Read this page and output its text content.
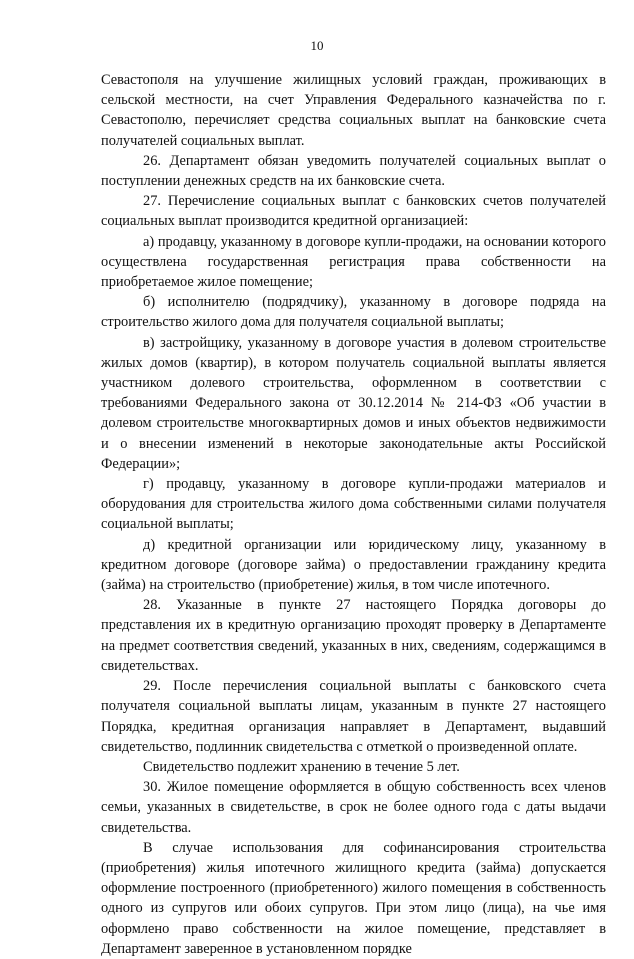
10

Севастополя на улучшение жилищных условий граждан, проживающих в сельской местности, на счет Управления Федерального казначейства по г. Севастополю, перечисляет средства социальных выплат на банковские счета получателей социальных выплат.

26. Департамент обязан уведомить получателей социальных выплат о поступлении денежных средств на их банковские счета.

27. Перечисление социальных выплат с банковских счетов получателей социальных выплат производится кредитной организацией:

а) продавцу, указанному в договоре купли-продажи, на основании которого осуществлена государственная регистрация права собственности на приобретаемое жилое помещение;

б) исполнителю (подрядчику), указанному в договоре подряда на строительство жилого дома для получателя социальной выплаты;

в) застройщику, указанному в договоре участия в долевом строительстве жилых домов (квартир), в котором получатель социальной выплаты является участником долевого строительства, оформленном в соответствии с требованиями Федерального закона от 30.12.2014 № 214-ФЗ «Об участии в долевом строительстве многоквартирных домов и иных объектов недвижимости и о внесении изменений в некоторые законодательные акты Российской Федерации»;

г) продавцу, указанному в договоре купли-продажи материалов и оборудования для строительства жилого дома собственными силами получателя социальной выплаты;

д) кредитной организации или юридическому лицу, указанному в кредитном договоре (договоре займа) о предоставлении гражданину кредита (займа) на строительство (приобретение) жилья, в том числе ипотечного.

28. Указанные в пункте 27 настоящего Порядка договоры до представления их в кредитную организацию проходят проверку в Департаменте на предмет соответствия сведений, указанных в них, сведениям, содержащимся в свидетельствах.

29. После перечисления социальной выплаты с банковского счета получателя социальной выплаты лицам, указанным в пункте 27 настоящего Порядка, кредитная организация направляет в Департамент, выдавший свидетельство, подлинник свидетельства с отметкой о произведенной оплате.

Свидетельство подлежит хранению в течение 5 лет.

30. Жилое помещение оформляется в общую собственность всех членов семьи, указанных в свидетельстве, в срок не более одного года с даты выдачи свидетельства.

В случае использования для софинансирования строительства (приобретения) жилья ипотечного жилищного кредита (займа) допускается оформление построенного (приобретенного) жилого помещения в собственность одного из супругов или обоих супругов. При этом лицо (лица), на чье имя оформлено право собственности на жилое помещение, представляет в Департамент заверенное в установленном порядке
